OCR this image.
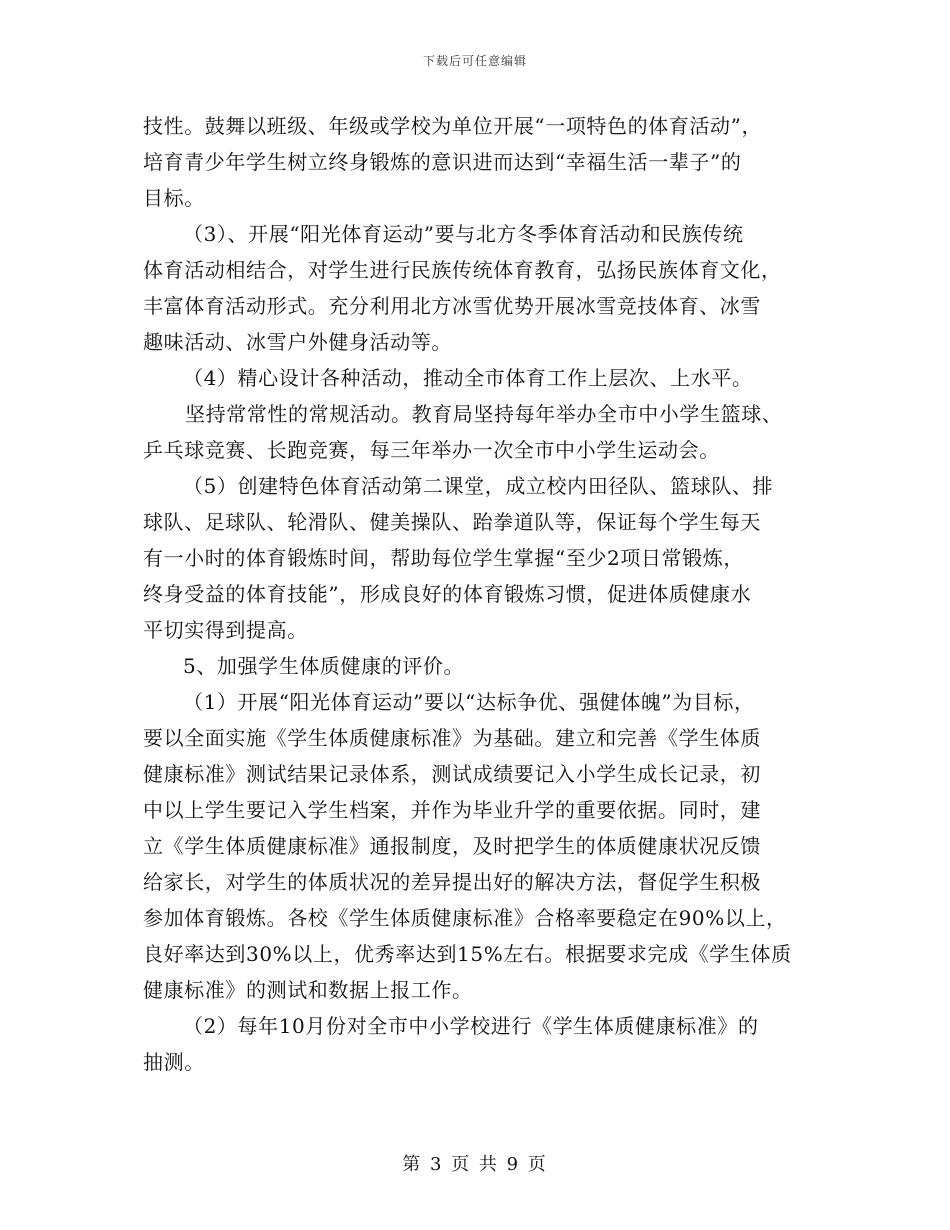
下载后可任意编辑
技性。鼓舞以班级、年级或学校为单位开展“一项特色的体育活动”，
培育青少年学生树立终身锻炼的意识进而达到“幸福生活一辈子”的
目标。
（3）、开展“阳光体育运动”要与北方冬季体育活动和民族传统
体育活动相结合，对学生进行民族传统体育教育，弘扬民族体育文化，
丰富体育活动形式。充分利用北方冰雪优势开展冰雪竞技体育、冰雪
趣味活动、冰雪户外健身活动等。
（4）精心设计各种活动，推动全市体育工作上层次、上水平。
坚持常常性的常规活动。教育局坚持每年举办全市中小学生篮球、
乒乓球竞赛、长跑竞赛，每三年举办一次全市中小学生运动会。
（5）创建特色体育活动第二课堂，成立校内田径队、篮球队、排
球队、足球队、轮滑队、健美操队、跆拳道队等，保证每个学生每天
有一小时的体育锻炼时间，帮助每位学生掌握“至少2项日常锻炼，
终身受益的体育技能”，形成良好的体育锻炼习惯，促进体质健康水
平切实得到提高。
5、加强学生体质健康的评价。
（1）开展“阳光体育运动”要以“达标争优、强健体魄”为目标，
要以全面实施《学生体质健康标准》为基础。建立和完善《学生体质
健康标准》测试结果记录体系，测试成绩要记入小学生成长记录，初
中以上学生要记入学生档案，并作为毕业升学的重要依据。同时，建
立《学生体质健康标准》通报制度，及时把学生的体质健康状况反馈
给家长，对学生的体质状况的差异提出好的解决方法，督促学生积极
参加体育锻炼。各校《学生体质健康标准》合格率要稳定在90%以上，
良好率达到30%以上，优秀率达到15%左右。根据要求完成《学生体质
健康标准》的测试和数据上报工作。
（2）每年10月份对全市中小学校进行《学生体质健康标准》的
抽测。
第 3 页 共 9 页
